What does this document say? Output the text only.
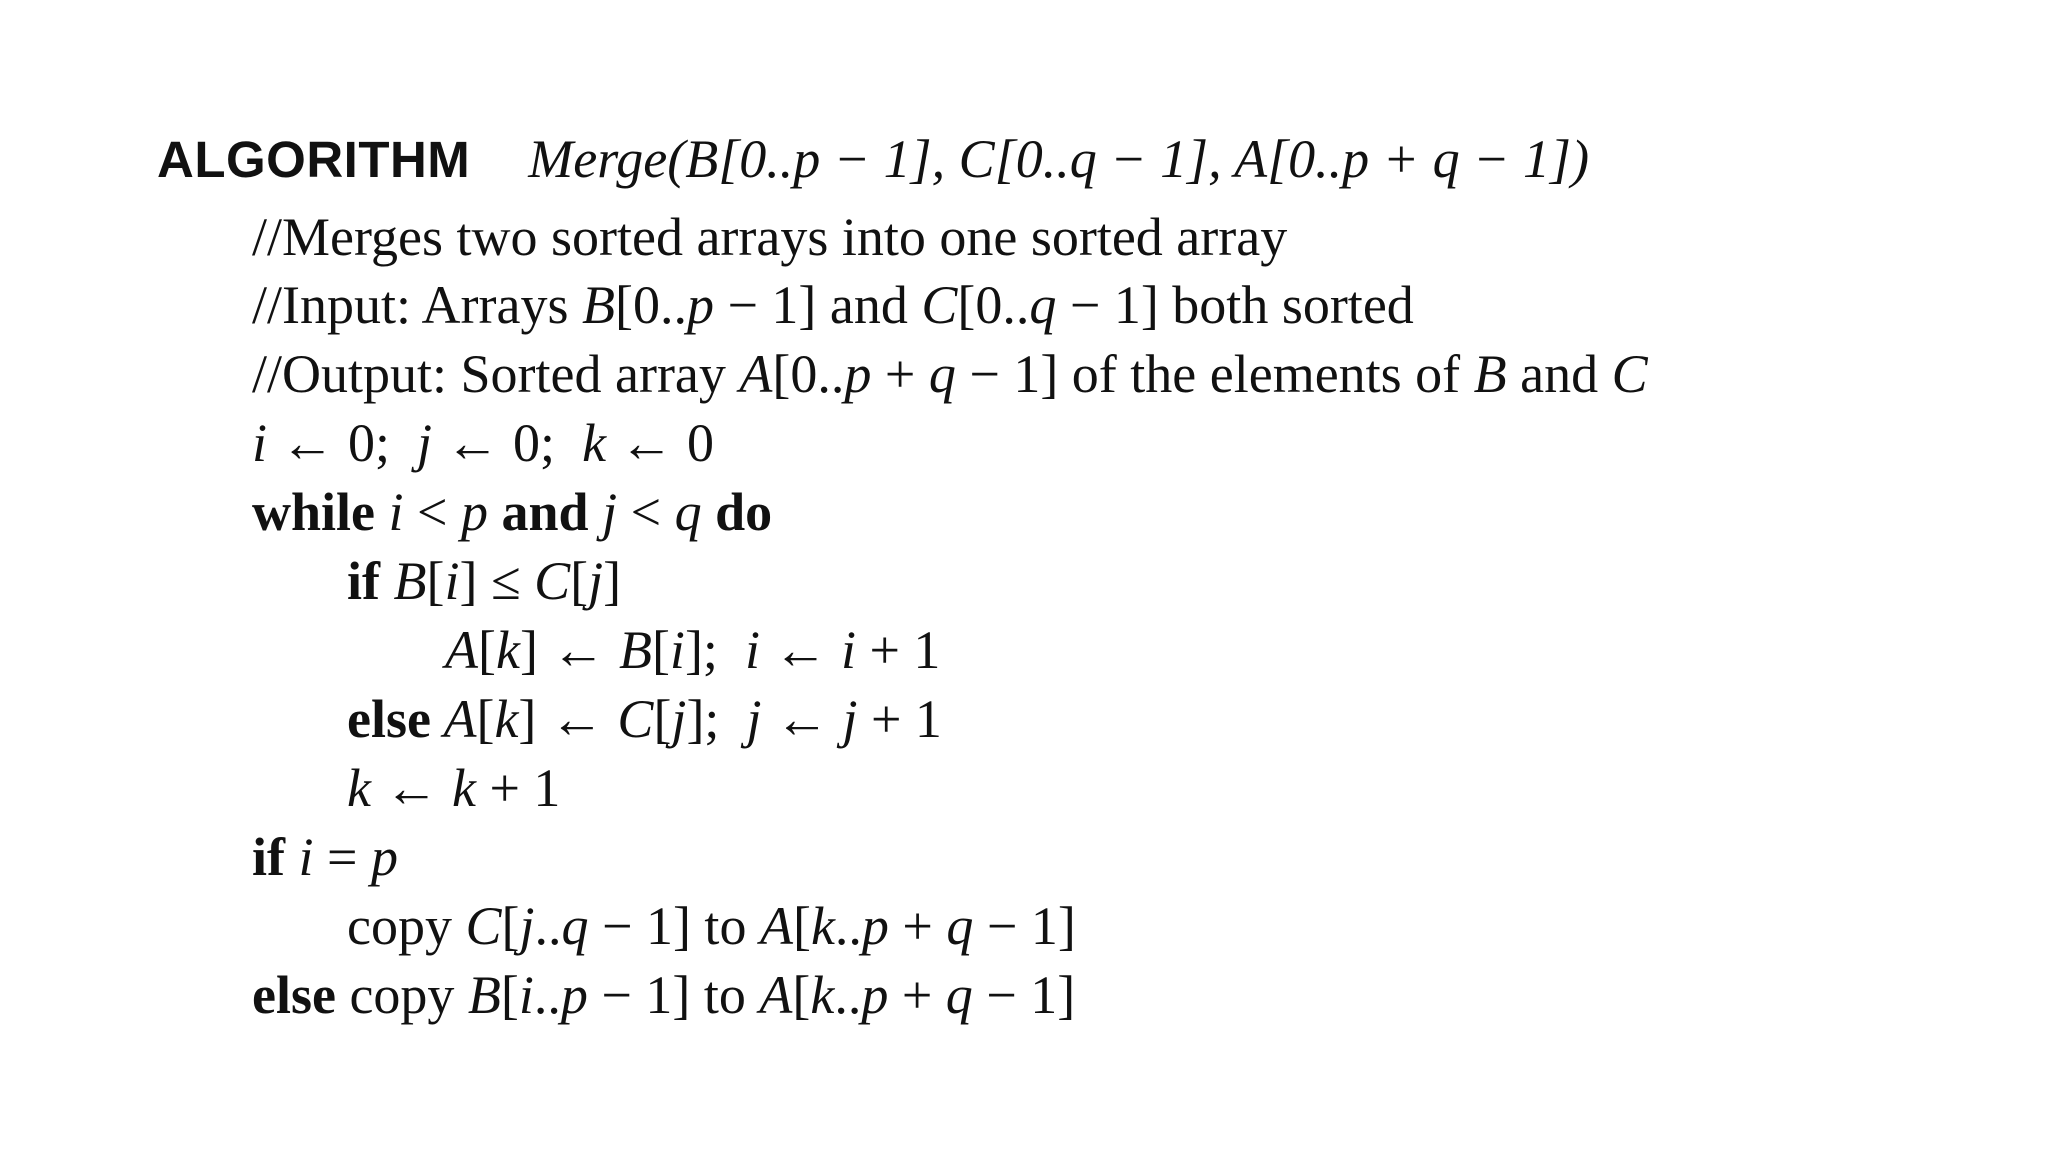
ALGORITHM Merge(B[0..p − 1], C[0..q − 1], A[0..p + q − 1])
//Merges two sorted arrays into one sorted array
//Input: Arrays B[0..p − 1] and C[0..q − 1] both sorted
//Output: Sorted array A[0..p + q − 1] of the elements of B and C
i ← 0;  j ← 0;  k ← 0
while i < p and j < q do
if B[i] ≤ C[j]
A[k] ← B[i];  i ← i + 1
else A[k] ← C[j];  j ← j + 1
k ← k + 1
if i = p
copy C[j..q − 1] to A[k..p + q − 1]
else copy B[i..p − 1] to A[k..p + q − 1]
